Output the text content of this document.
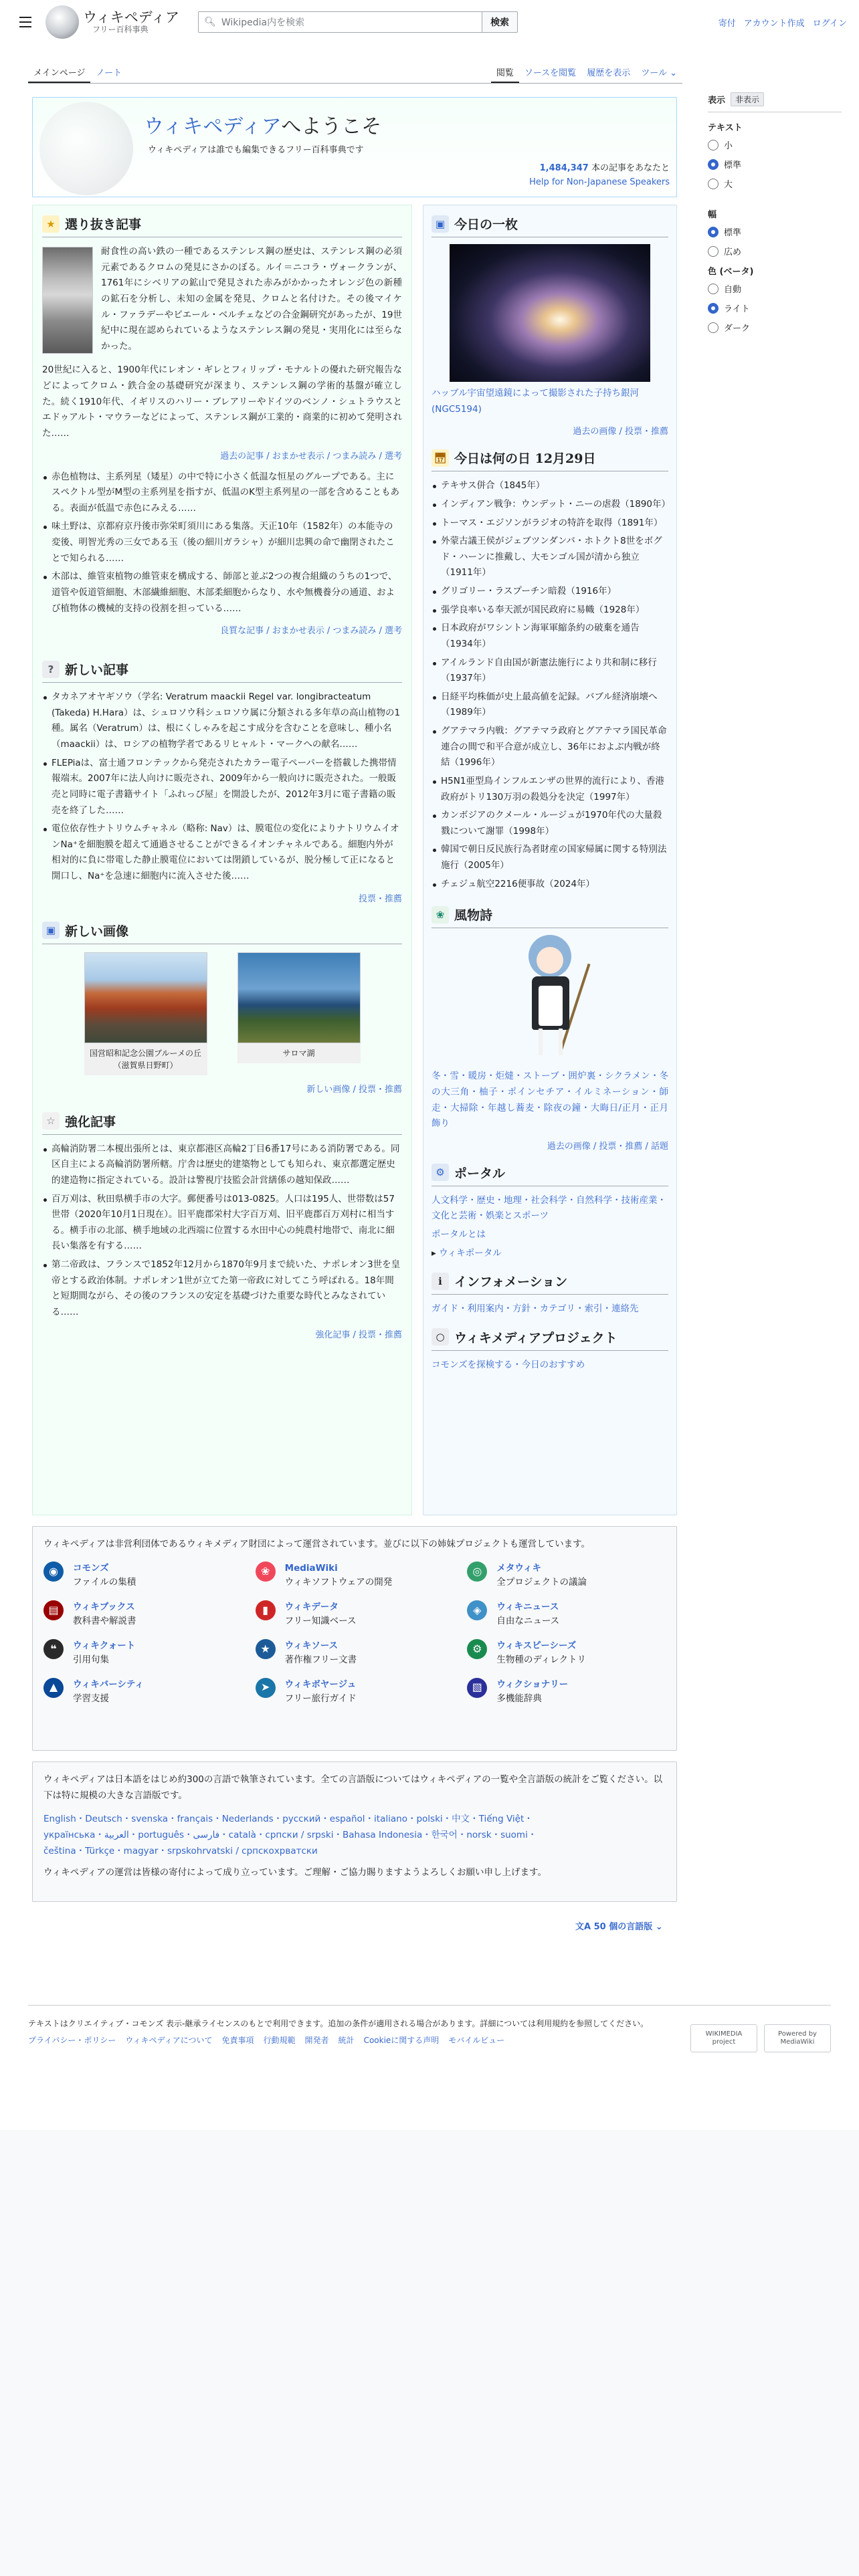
ウィキペディア
フリー百科事典
🔍︎ Wikipedia内を検索	検索	寄付 アカウント作成 ログイン
メインページ	ノート	閲覧	ソースを閲覧	履歴を表示	ツール ⌄
表示	非表示
テキスト
小
標準
大
幅
標準
広め
色 (ベータ)
自動
ライト
ダーク
ウィキペディアへようこそ
ウィキペディアは誰でも編集できるフリー百科事典です
1,484,347 本の記事をあなたと
Help for Non-Japanese Speakers
★ 選り抜き記事

耐食性の高い鉄の一種であるステンレス鋼の歴史は、ステンレス鋼の必須元素であるクロムの発見にさかのぼる。ルイ＝ニコラ・ヴォークランが、1761年にシベリアの鉱山で発見された赤みがかかったオレンジ色の新種の鉱石を分析し、未知の金属を発見、クロムと名付けた。その後マイケル・ファラデーやピエール・ベルチェなどの合金鋼研究があったが、19世紀中に現在認められているようなステンレス鋼の発見・実用化には至らなかった。

20世紀に入ると、1900年代にレオン・ギレとフィリップ・モナルトの優れた研究報告などによってクロム・鉄合金の基礎研究が深まり、ステンレス鋼の学術的基盤が確立した。続く1910年代、イギリスのハリー・ブレアリーやドイツのベンノ・シュトラウスとエドゥアルト・マウラーなどによって、ステンレス鋼が工業的・商業的に初めて発明された……

過去の記事 / おまかせ表示 / つまみ読み / 選考
赤色植物は、主系列星（矮星）の中で特に小さく低温な恒星のグループである。主にスペクトル型がM型の主系列星を指すが、低温のK型主系列星の一部を含めることもある。表面が低温で赤色にみえる……
味土野は、京都府京丹後市弥栄町須川にある集落。天正10年（1582年）の本能寺の変後、明智光秀の三女である玉（後の細川ガラシャ）が細川忠興の命で幽閉されたことで知られる……
木部は、維管束植物の維管束を構成する、師部と並ぶ2つの複合組織のうちの1つで、道管や仮道管細胞、木部繊維細胞、木部柔細胞からなり、水や無機養分の通道、および植物体の機械的支持の役割を担っている……
良質な記事 / おまかせ表示 / つまみ読み / 選考
? 新しい記事
タカネアオヤギソウ（学名: Veratrum maackii Regel var. longibracteatum (Takeda) H.Hara）は、シュロソウ科シュロソウ属に分類される多年草の高山植物の1種。属名（Veratrum）は、根にくしゃみを起こす成分を含むことを意味し、種小名（maackii）は、ロシアの植物学者であるリヒャルト・マークへの献名……
FLEPiaは、富士通フロンテックから発売されたカラー電子ペーパーを搭載した携帯情報端末。2007年に法人向けに販売され、2009年から一般向けに販売された。一般販売と同時に電子書籍サイト「ふれっぴ屋」を開設したが、2012年3月に電子書籍の販売を終了した……
電位依存性ナトリウムチャネル（略称: Nav）は、膜電位の変化によりナトリウムイオンNa⁺を細胞膜を超えて通過させることができるイオンチャネルである。細胞内外が相対的に負に帯電した静止膜電位においては閉鎖しているが、脱分極して正になると開口し、Na⁺を急速に細胞内に流入させた後……
投票・推薦
▣ 新しい画像
国営昭和記念公園ブルーメの丘（滋賀県日野町）
サロマ湖
新しい画像 / 投票・推薦
☆ 強化記事
高輪消防署二本榎出張所とは、東京都港区高輪2丁目6番17号にある消防署である。同区自主による高輪消防署所轄。庁舎は歴史的建築物としても知られ、東京都選定歴史的建造物に指定されている。設計は警視庁技監会計営繕係の越知保政……
百万刈は、秋田県横手市の大字。郵便番号は013-0825。人口は195人、世帯数は57世帯（2020年10月1日現在）。旧平鹿郡栄村大字百万刈、旧平鹿郡百万刈村に相当する。横手市の北部、横手地域の北西端に位置する水田中心の純農村地帯で、南北に細長い集落を有する……
第二帝政は、フランスで1852年12月から1870年9月まで続いた、ナポレオン3世を皇帝とする政治体制。ナポレオン1世が立てた第一帝政に対してこう呼ばれる。18年間と短期間ながら、その後のフランスの安定を基礎づけた重要な時代とみなされている……
強化記事 / 投票・推薦
▣ 今日の一枚
ハッブル宇宙望遠鏡によって撮影された子持ち銀河 (NGC5194)
過去の画像 / 投票・推薦
📅︎ 今日は何の日 12月29日
テキサス併合（1845年）
インディアン戦争：ウンデット・ニーの虐殺（1890年）
トーマス・エジソンがラジオの特許を取得（1891年）
外蒙古議王侯がジェブツンダンバ・ホトクト8世をボグド・ハーンに推戴し、大モンゴル国が清から独立（1911年）
グリゴリー・ラスプーチン暗殺（1916年）
張学良率いる奉天派が国民政府に易幟（1928年）
日本政府がワシントン海軍軍縮条約の破棄を通告（1934年）
アイルランド自由国が新憲法施行により共和制に移行（1937年）
日経平均株価が史上最高値を記録。バブル経済崩壊へ（1989年）
グアテマラ内戦：グアテマラ政府とグアテマラ国民革命連合の間で和平合意が成立し、36年におよぶ内戦が終結（1996年）
H5N1亜型鳥インフルエンザの世界的流行により、香港政府がトリ130万羽の殺処分を決定（1997年）
カンボジアのクメール・ルージュが1970年代の大量殺戮について謝罪（1998年）
韓国で朝日反民族行為者財産の国家帰属に関する特別法施行（2005年）
チェジュ航空2216便事故（2024年）
❀ 風物詩

冬・雪・暖房・炬燵・ストーブ・囲炉裏・シクラメン・冬の大三角・柚子・ポインセチア・イルミネーション・師走・大掃除・年越し蕎麦・除夜の鐘・大晦日/正月・正月飾り

過去の画像 / 投票・推薦 / 話題
⚙ ポータル

人文科学・歴史・地理・社会科学・自然科学・技術産業・文化と芸術・娯楽とスポーツ

ポータルとは

▸ ウィキポータル

ℹ インフォメーション

ガイド・利用案内・方針・カテゴリ・索引・連絡先

○ ウィキメディアプロジェクト

コモンズを探検する・今日のおすすめ

ウィキペディアは非営利団体であるウィキメディア財団によって運営されています。並びに以下の姉妹プロジェクトも運営しています。

◉	コモンズ
ファイルの集積
❀	MediaWiki
ウィキソフトウェアの開発
◎	メタウィキ
全プロジェクトの議論
▤	ウィキブックス
教科書や解説書
▮	ウィキデータ
フリー知識ベース
◈	ウィキニュース
自由なニュース
❝	ウィキクォート
引用句集
★	ウィキソース
著作権フリー文書
⚙	ウィキスピーシーズ
生物種のディレクトリ
▲	ウィキバーシティ
学習支援
➤	ウィキボヤージュ
フリー旅行ガイド
▧	ウィクショナリー
多機能辞典

ウィキペディアは日本語をはじめ約300の言語で執筆されています。全ての言語版についてはウィキペディアの一覧や全言語版の統計をご覧ください。以下は特に規模の大きな言語版です。

English・Deutsch・svenska・français・Nederlands・русский・español・italiano・polski・中文・Tiếng Việt・
українська・العربية・português・فارسی・català・српски / srpski・Bahasa Indonesia・한국어・norsk・suomi・
čeština・Türkçe・magyar・srpskohrvatski / српскохрватски

ウィキペディアの運営は皆様の寄付によって成り立っています。ご理解・ご協力賜りますようよろしくお願い申し上げます。

文A 50 個の言語版 ⌄
テキストはクリエイティブ・コモンズ 表示-継承ライセンスのもとで利用できます。追加の条件が適用される場合があります。詳細については利用規約を参照してください。
プライバシー・ポリシー ウィキペディアについて 免責事項 行動規範 開発者 統計 Cookieに関する声明 モバイルビュー
WIKIMEDIA project
Powered by MediaWiki
